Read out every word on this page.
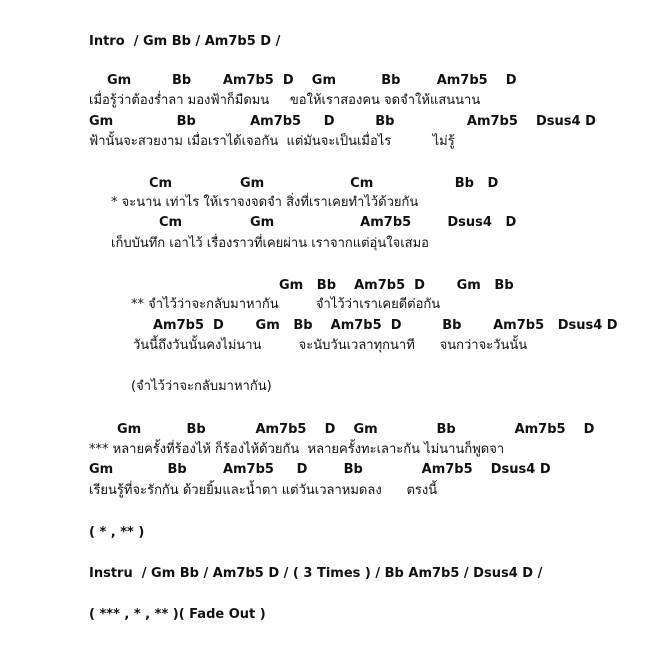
Intro  / Gm Bb / Am7b5 D /
Gm         Bb       Am7b5  D    Gm          Bb        Am7b5    D
เมื่อรู้ว่าต้องร่ำลา มองฟ้าก็มืดมน     ขอให้เราสองคน จดจำให้แสนนาน
Gm              Bb            Am7b5     D         Bb                Am7b5    Dsus4 D
ฟ้านั้นจะสวยงาม เมื่อเราได้เจอกัน  แต่มันจะเป็นเมื่อไร          ไม่รู้
Cm               Gm                   Cm                  Bb   D
* จะนาน เท่าไร ให้เราจงจดจำ สิ่งที่เราเคยทำไว้ด้วยกัน
Cm               Gm                   Am7b5        Dsus4   D
เก็บบันทึก เอาไว้ เรื่องราวที่เคยผ่าน เราจากแต่อุ่นใจเสมอ
Gm   Bb    Am7b5  D       Gm   Bb
** จำไว้ว่าจะกลับมาหากัน         จำไว้ว่าเราเคยดีต่อกัน
Am7b5  D       Gm   Bb    Am7b5  D         Bb       Am7b5   Dsus4 D
วันนี้ถึงวันนั้นคงไม่นาน         จะนับวันเวลาทุกนาที      จนกว่าจะวันนั้น
(จำไว้ว่าจะกลับมาหากัน)
Gm          Bb           Am7b5    D    Gm             Bb             Am7b5    D
*** หลายครั้งที่ร้องไห้ ก็ร้องไห้ด้วยกัน  หลายครั้งทะเลาะกัน ไม่นานก็พูดจา
Gm            Bb        Am7b5     D        Bb             Am7b5    Dsus4 D
เรียนรู้ที่จะรักกัน ด้วยยิ้มและน้ำตา แต่วันเวลาหมดลง      ตรงนี้
( * , ** )
Instru  / Gm Bb / Am7b5 D / ( 3 Times ) / Bb Am7b5 / Dsus4 D /
( *** , * , ** )( Fade Out )
